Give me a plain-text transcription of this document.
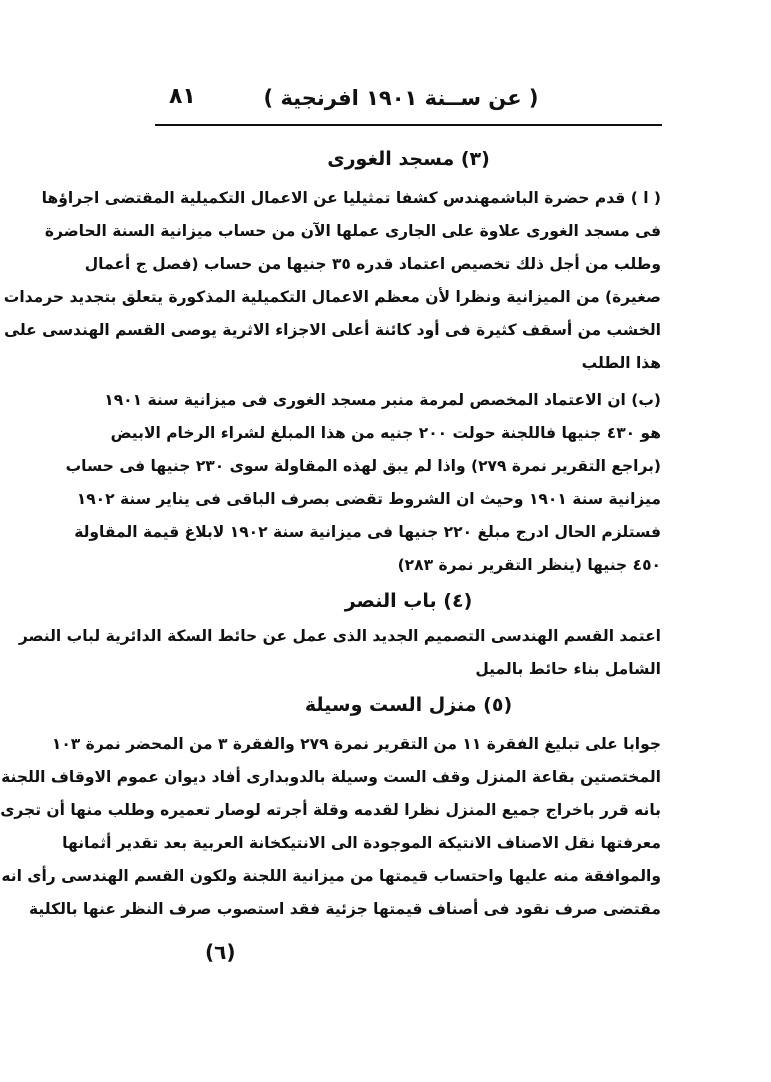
( عن ســنة ١٩٠١ افرنجية )
٨١
(٣) مسجد الغورى
( ا ) قدم حضرة الباشمهندس كشفا تمثيليا عن الاعمال التكميلية المقتضى اجراؤها
فى مسجد الغورى علاوة على الجارى عملها الآن من حساب ميزانية السنة الحاضرة
وطلب من أجل ذلك تخصيص اعتماد قدره ٣٥ جنيها من حساب (فصل ج أعمال
صغيرة) من الميزانية ونظرا لأن معظم الاعمال التكميلية المذكورة يتعلق بتجديد حرمدات
الخشب من أسقف كثيرة فى أود كائنة أعلى الاجزاء الاثرية يوصى القسم الهندسى على
هذا الطلب
(ب) ان الاعتماد المخصص لمرمة منبر مسجد الغورى فى ميزانية سنة ١٩٠١
هو ٤٣٠ جنيها فاللجنة حولت ٢٠٠ جنيه من هذا المبلغ لشراء الرخام الابيض
(براجع التقرير نمرة ٢٧٩) واذا لم يبق لهذه المقاولة سوى ٢٣٠ جنيها فى حساب
ميزانية سنة ١٩٠١ وحيث ان الشروط تقضى بصرف الباقى فى يناير سنة ١٩٠٢
فستلزم الحال ادرج مبلغ ٢٢٠ جنيها فى ميزانية سنة ١٩٠٢ لابلاغ قيمة المقاولة
٤٥٠ جنيها (ينظر التقرير نمرة ٢٨٣)
(٤) باب النصر
اعتمد القسم الهندسى التصميم الجديد الذى عمل عن حائط السكة الدائرية لباب النصر
الشامل بناء حائط بالميل
(٥) منزل الست وسيلة
جوابا على تبليغ الفقرة ١١ من التقرير نمرة ٢٧٩ والفقرة ٣ من المحضر نمرة ١٠٣
المختصتين بقاعة المنزل وقف الست وسيلة بالدوبدارى أفاد ديوان عموم الاوقاف اللجنة
بانه قرر باخراج جميع المنزل نظرا لقدمه وقلة أجرته لوصار تعميره وطلب منها أن تجرى
معرفتها نقل الاصناف الانتيكة الموجودة الى الانتيكخانة العربية بعد تقدير أثمانها
والموافقة منه عليها واحتساب قيمتها من ميزانية اللجنة ولكون القسم الهندسى رأى انه
مقتضى صرف نقود فى أصناف قيمتها جزئية فقد استصوب صرف النظر عنها بالكلية
(٦)
